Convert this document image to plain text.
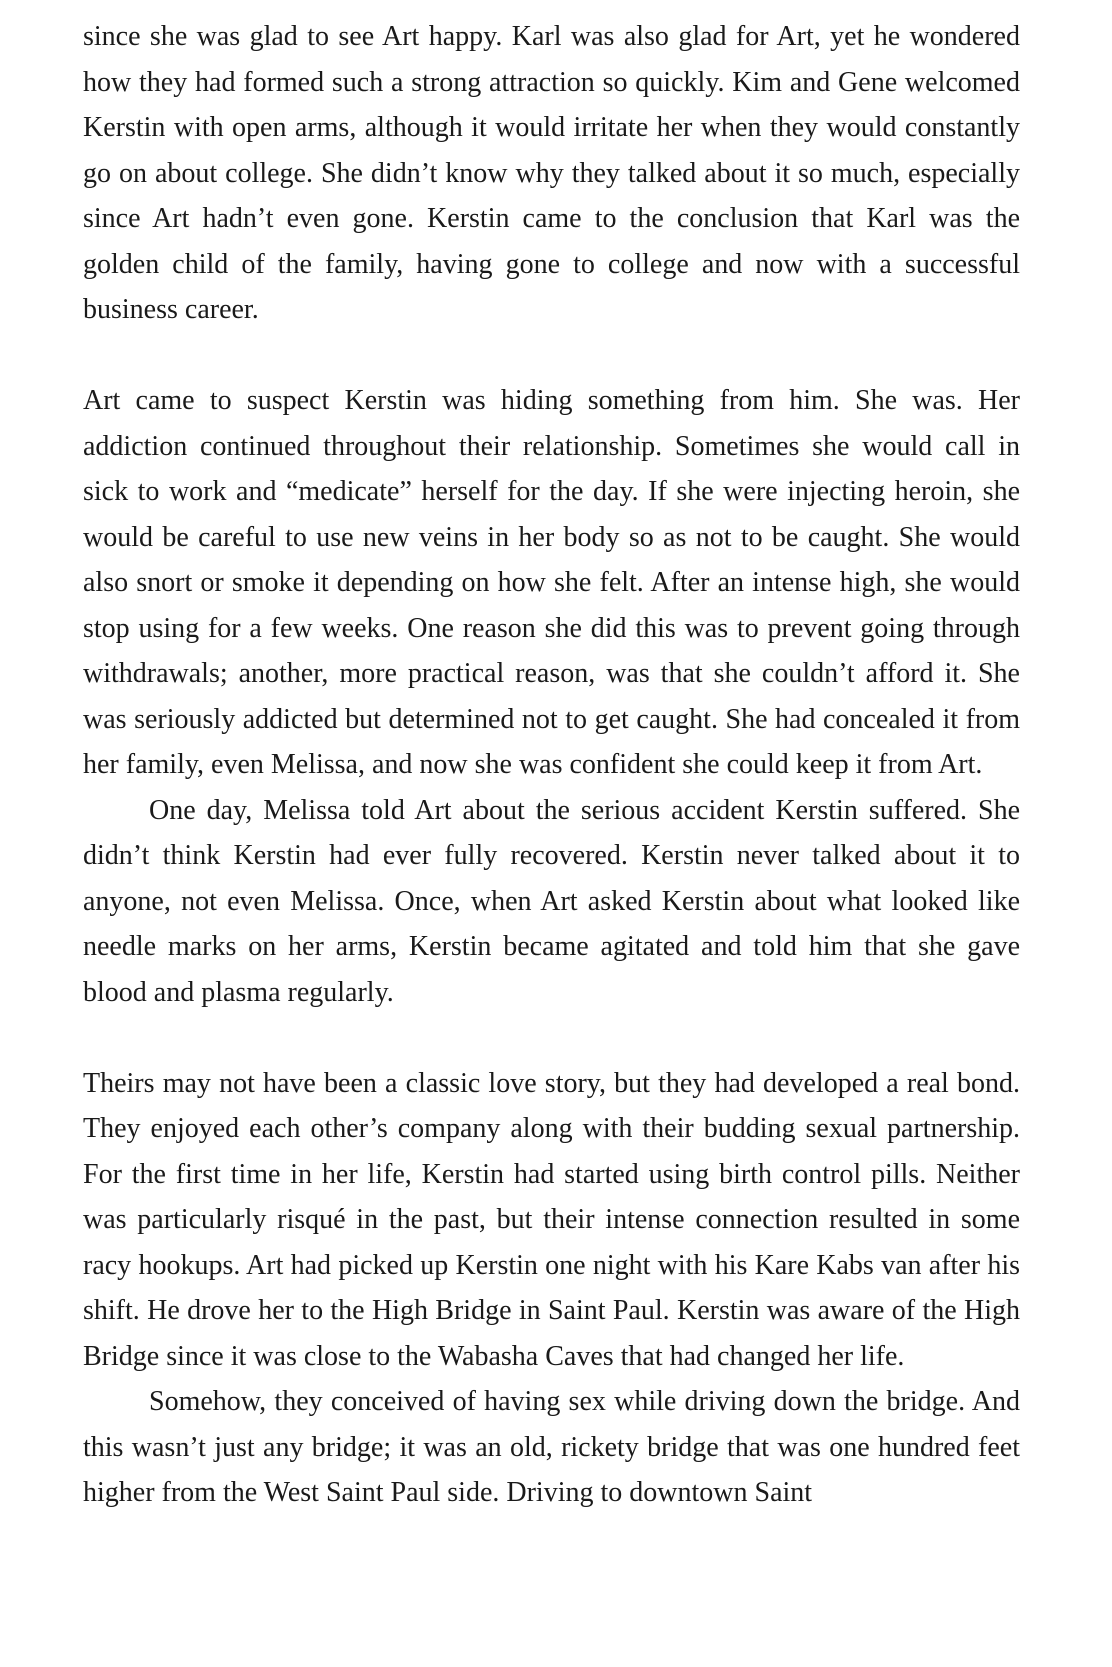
since she was glad to see Art happy. Karl was also glad for Art, yet he wondered how they had formed such a strong attraction so quickly. Kim and Gene welcomed Kerstin with open arms, although it would irritate her when they would constantly go on about college. She didn’t know why they talked about it so much, especially since Art hadn’t even gone. Kerstin came to the conclusion that Karl was the golden child of the family, having gone to college and now with a successful business career.

Art came to suspect Kerstin was hiding something from him. She was. Her addiction continued throughout their relationship. Sometimes she would call in sick to work and “medicate” herself for the day. If she were injecting heroin, she would be careful to use new veins in her body so as not to be caught. She would also snort or smoke it depending on how she felt. After an intense high, she would stop using for a few weeks. One reason she did this was to prevent going through withdrawals; another, more practical reason, was that she couldn’t afford it. She was seriously addicted but determined not to get caught. She had concealed it from her family, even Melissa, and now she was confident she could keep it from Art.

One day, Melissa told Art about the serious accident Kerstin suffered. She didn’t think Kerstin had ever fully recovered. Kerstin never talked about it to anyone, not even Melissa. Once, when Art asked Kerstin about what looked like needle marks on her arms, Kerstin became agitated and told him that she gave blood and plasma regularly.

Theirs may not have been a classic love story, but they had developed a real bond. They enjoyed each other’s company along with their budding sexual partnership. For the first time in her life, Kerstin had started using birth control pills. Neither was particularly risqué in the past, but their intense connection resulted in some racy hookups. Art had picked up Kerstin one night with his Kare Kabs van after his shift. He drove her to the High Bridge in Saint Paul. Kerstin was aware of the High Bridge since it was close to the Wabasha Caves that had changed her life.

Somehow, they conceived of having sex while driving down the bridge. And this wasn’t just any bridge; it was an old, rickety bridge that was one hundred feet higher from the West Saint Paul side. Driving to downtown Saint
